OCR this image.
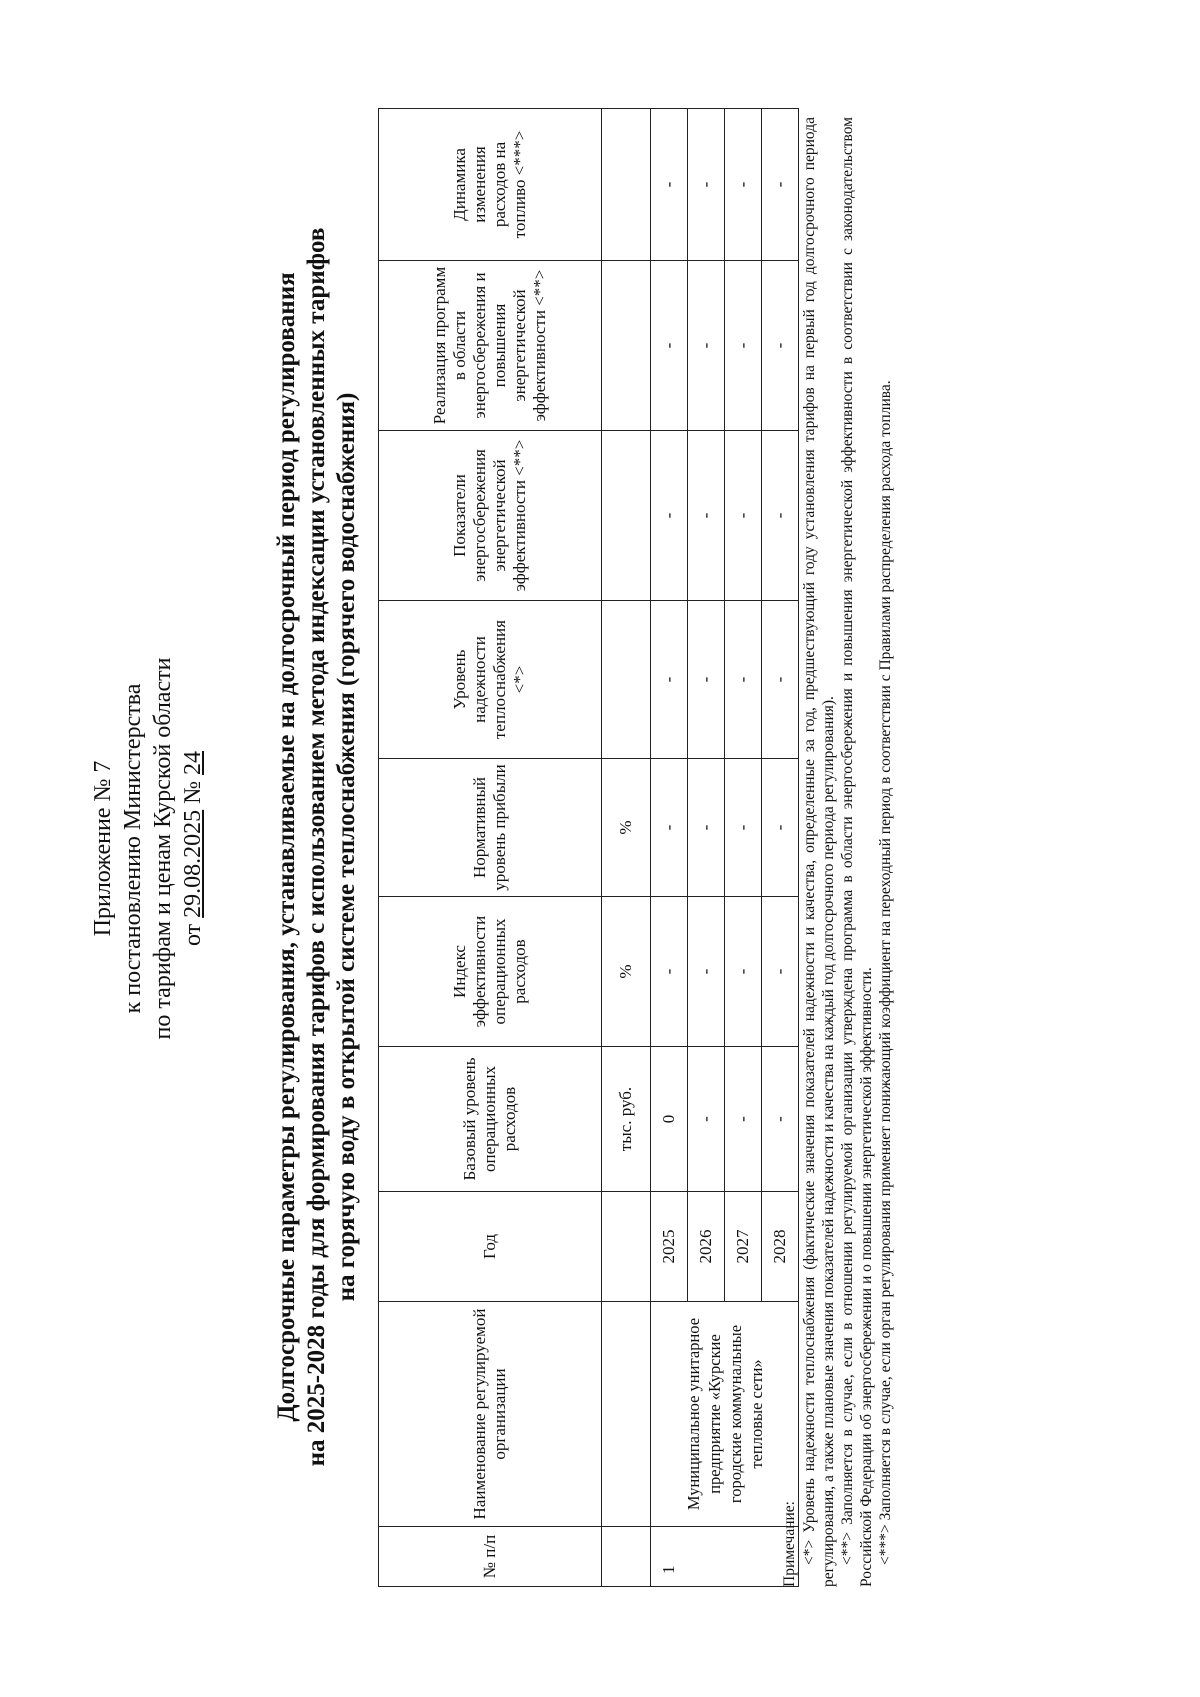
Приложение № 7 к постановлению Министерства по тарифам и ценам Курской области от 29.08.2025 № 24	Долгосрочные параметры регулирования, устанавливаемые на долгосрочный период регулирования на 2025-2028 годы для формирования тарифов с использованием метода индексации установленных тарифов на горячую воду в открытой системе теплоснабжения (горячего водоснабжения)
№ п/п	Наименование регулируемой организации	Год	Базовый уровень операционных расходов	Индекс эффективности операционных расходов	Нормативный уровень прибыли	Уровень надежности теплоснабжения <*>	Показатели энергосбережения энергетической эффективности <**>	Реализация программ в области энергосбережения и повышения энергетической эффективности <**>	Динамика изменения расходов на топливо <***>
			тыс. руб.	%	%				
1	Муниципальное унитарное предприятие «Курские городские коммунальные тепловые сети»	2025	0	-	-	-	-	-	-
		2026	-	-	-	-	-	-	-
		2027	-	-	-	-	-	-	-
		2028	-	-	-	-	-	-	-

Примечание: <*> Уровень надежности теплоснабжения (фактические значения показателей надежности и качества, определенные за год, предшествующий году установления тарифов на первый год долгосрочного периода регулирования, а также плановые значения показателей надежности и качества на каждый год долгосрочного периода регулирования). <**> Заполняется в случае, если в отношении регулируемой организации утверждена программа в области энергосбережения и повышения энергетической эффективности в соответствии с законодательством Российской Федерации об энергосбережении и о повышении энергетической эффективности. <***> Заполняется в случае, если орган регулирования применяет понижающий коэффициент на переходный период в соответствии с Правилами распределения расхода топлива.
